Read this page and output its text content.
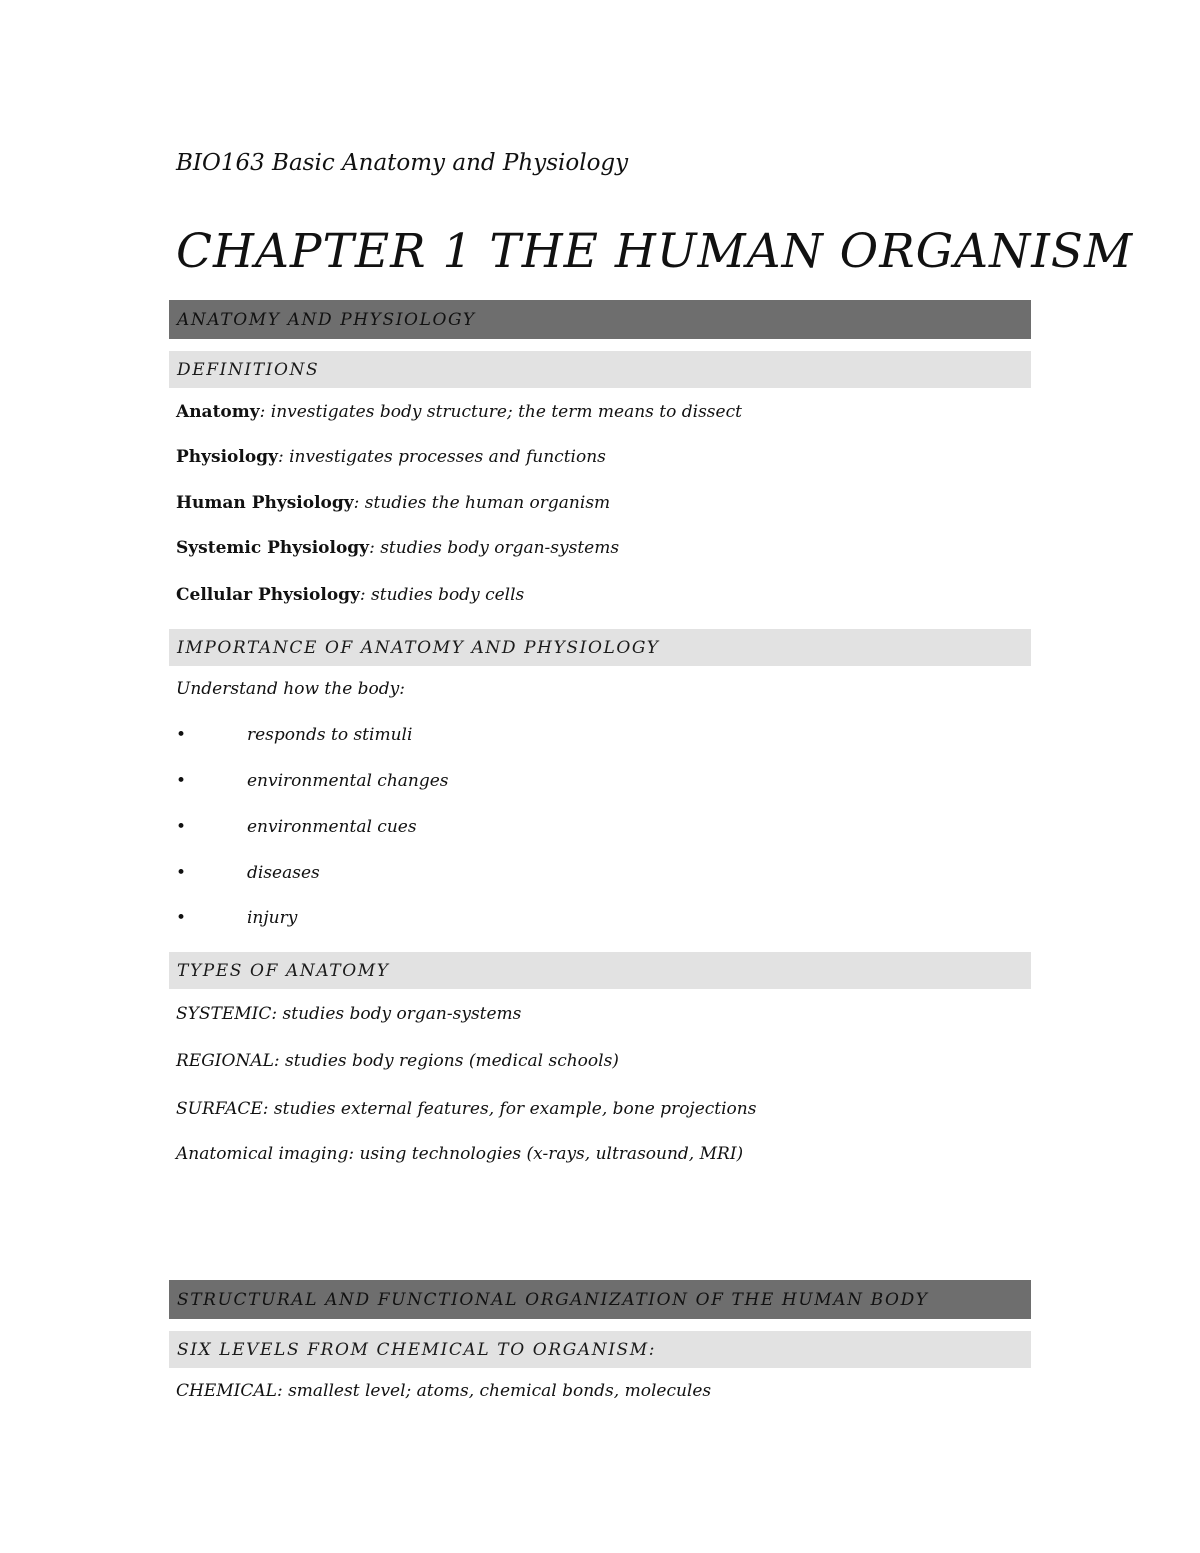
BIO163 Basic Anatomy and Physiology
CHAPTER 1 THE HUMAN ORGANISM
ANATOMY AND PHYSIOLOGY
DEFINITIONS
Anatomy: investigates body structure; the term means to dissect
Physiology: investigates processes and functions
Human Physiology: studies the human organism
Systemic Physiology: studies body organ-systems
Cellular Physiology: studies body cells
IMPORTANCE OF ANATOMY AND PHYSIOLOGY
Understand how the body:
•	responds to stimuli
•	environmental changes
•	environmental cues
•	diseases
•	injury
TYPES OF ANATOMY
SYSTEMIC: studies body organ-systems
REGIONAL: studies body regions (medical schools)
SURFACE: studies external features, for example, bone projections
Anatomical imaging: using technologies (x-rays, ultrasound, MRI)
STRUCTURAL AND FUNCTIONAL ORGANIZATION OF THE HUMAN BODY
SIX LEVELS FROM CHEMICAL TO ORGANISM:
CHEMICAL: smallest level; atoms, chemical bonds, molecules
